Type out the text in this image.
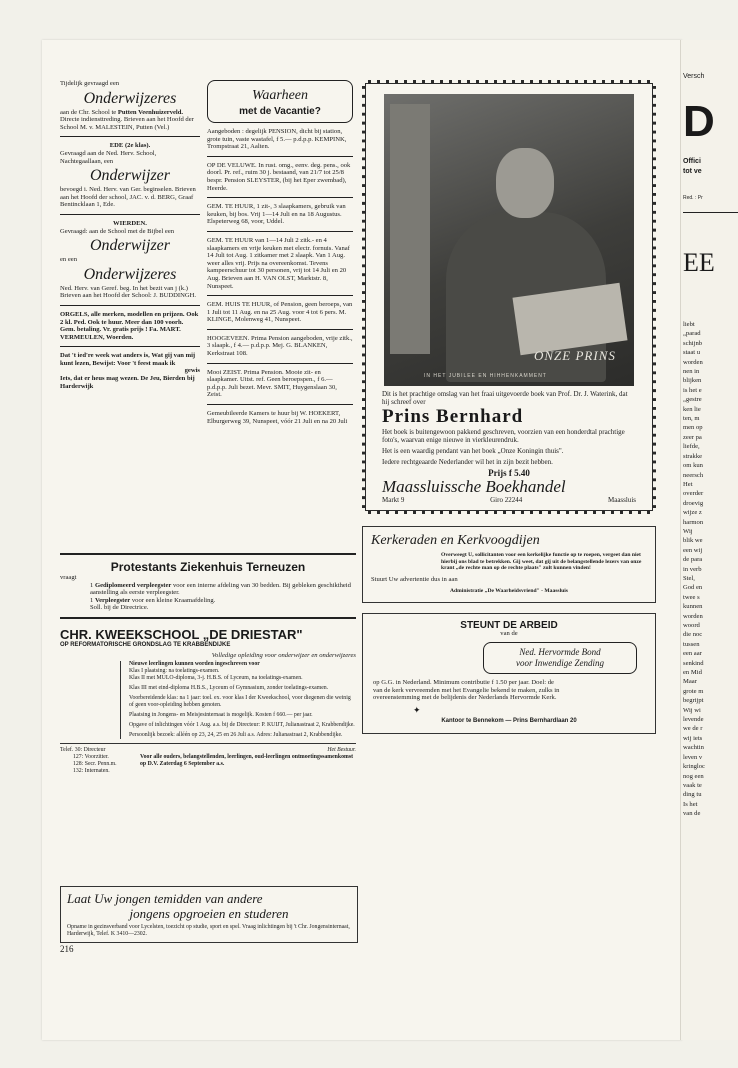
Tijdelijk gevraagd een
Onderwijzeres
aan de Chr. School te Putten Veenhuizerveld. Directe indiensttreding. Brieven aan het Hoofd der School M. v. MALESTEIN, Putten (Vel.)
EDE (2e klas).
Gevraagd aan de Ned. Herv. School, Nachtegaallaan, een
Onderwijzer
bevoegd i. Ned. Herv. van Ger. beginselen. Brieven aan het Hoofd der school, JAC. v. d. BERG, Graaf Bentincklaan 1, Ede.
WIERDEN.
Gevraagd: aan de School met de Bijbel een
Onderwijzer
en een
Onderwijzeres
Ned. Herv. van Geref. beg. In het bezit van j (k.) Brieven aan het Hoofd der School: J. BUDDINGH.
ORGELS, alle merken, modellen en prijzen. Ook 2 kl. Ped. Ook te huur. Meer dan 100 voorh. Gem. betaling. Vr. gratis prijs ! Fa. MART. VERMEULEN, Woerden.
Dat 't ied're week wat anders is, Wat gij van mij kunt lezen, Bewijst: Voor 't feest maak ik
gewis
Iets, dat er heus mag wezen. De Jeu, Bierden bij Harderwijk
Waarheen
met de Vacantie?
Aangeboden : degelijk PENSION, dicht bij station, grote tuin, vaste wastafel, f 5.— p.d.p.p. KEMPINK, Trompstraat 21, Aalten.
OP DE VELUWE. In rust. omg., eenv. deg. pens., ook doorl. Pr. ref., ruim 30 j. bestaand, van 21/7 tot 25/8 bespr. Pension SLEYSTER, (bij het Eper zwembad), Heerde.
GEM. TE HUUR, 1 zit-, 3 slaapkamers, gebruik van keuken, bij bos. Vrij 1—14 Juli en na 18 Augustus. Elspeterweg 68, voor, Uddel.
GEM. TE HUUR van 1—14 Juli 2 zitk.- en 4 slaapkamers en vrije keuken met electr. fornuis. Vanaf 14 Juli tot Aug. 1 zitkamer met 2 slaapk. Van 1 Aug. weer alles vrij. Prijs na overeenkomst. Tevens kampeerschuur tot 30 personen, vrij tot 14 Juli en 20 Aug. Brieven aan H. VAN OLST, Marktstr. 8, Nunspeet.
GEM. HUIS TE HUUR, of Pension, geen beroeps, van 1 Juli tot 11 Aug. en na 25 Aug. voor 4 tot 6 pers. M. KLINGE, Molenweg 41, Nunspeet.
HOOGEVEEN. Prima Pension aangeboden, vrije zitk., 3 slaapk., f 4.— p.d.p.p. Mej. G. BLANKEN, Kerkstraat 108.
Mooi ZEIST. Prima Pension. Mooie zit- en slaapkamer. Uitst. ref. Geen beroepspen., f 6.— p.d.p.p. Juli bezet. Mevr. SMIT, Huygenslaan 30, Zeist.
Gemeubileerde Kamers te huur bij W. HOEKERT, Elburgerweg 39, Nunspeet, vóór 21 Juli en na 20 Juli
ONZE PRINS
IN HET JUBILEE EN HIHHENKAMMENT
Dit is het prachtige omslag van het fraai uitgevoerde boek van Prof. Dr. J. Waterink, dat hij schreef over
Prins Bernhard
Het boek is buitengewoon pakkend geschreven, voorzien van een honderdtal prachtige foto's, waarvan enige nieuwe in vierkleurendruk.
Het is een waardig pendant van het boek „Onze Koningin thuis".
Iedere rechtgeaarde Nederlander wil het in zijn bezit hebben.
Prijs f 5.40
Maassluissche Boekhandel
Markt 9	Giro 22244	Maassluis
Kerkeraden en Kerkvoogdijen
Overweegt U, sollicitanten voor een kerkelijke functie op te roepen, vergeet dan niet hierbij ons blad te betrekken. Gij weet, dat gij uit de belangstellende lezers van onze krant „de rechte man op de rechte plaats" zult kunnen vinden!
Stuurt Uw advertentie dus in aan
Administratie „De Waarheidsvriend" - Maassluis
STEUNT DE ARBEID
van de
Ned. Hervormde Bond
voor Inwendige Zending
op G.G. in Nederland. Minimum contributie f 1.50 per jaar. Doel: de van de kerk vervreemden met het Evangelie bekend te maken, zulks in overeenstemming met de belijdenis der Nederlands Hervormde Kerk.
✦
Kantoor te Bennekom — Prins Bernhardlaan 20
Protestants Ziekenhuis Terneuzen
vraagt
1 Gediplomeerd verpleegster voor een interne afdeling van 30 bedden. Bij gebleken geschiktheid aanstelling als eerste verpleegster.
1 Verpleegster voor een kleine Kraamafdeling.
Soll. bij de Directrice.
CHR. KWEEKSCHOOL „DE DRIESTAR"
OP REFORMATORISCHE GRONDSLAG TE KRABBENDIJKE
Volledige opleiding voor onderwijzer en onderwijzeres
Nieuwe leerlingen kunnen worden ingeschreven voor
Klas I plaatsing: na toelatings-examen.
Klas II met MULO-diploma, 3-j. H.B.S. of Lyceum, na toelatings-examen.
Klas III met eind-diploma H.B.S., Lyceum of Gymnasium, zonder toelatings-examen.
Voorbereidende klas: na 1 jaar: toel. ex. voor klas I der Kweekschool, voor diegenen die weinig of geen voor-opleiding hebben genoten.
Plaatsing in Jongens- en Meisjesinternaat is mogelijk. Kosten f 660.— per jaar.
Opgave of inlichtingen vóór 1 Aug. a.s. bij de Directeur: P. KUIJT, Julianastraat 2, Krabbendijke.
Persoonlijk bezoek: alléén op 23, 24, 25 en 26 Juli a.s. Adres: Julianastraat 2, Krabbendijke.
Telef. 30: Directeur
127: Voorzitter.
128: Secr. Penn.m.
132: Internaten.
Het Bestuur.
Voor alle ouders, belangstellenden, leerlingen, oud-leerlingen ontmoetingssamenkomst op D.V. Zaterdag 6 September a.s.
Laat Uw jongen temidden van andere
jongens opgroeien en studeren
Opname in gezinsverband voor Lycelsten, toezicht op studie, sport en spel. Vraag inlichtingen bij 't Chr. Jongensinternaat, Harderwijk, Telef. K 3410—2302.
216
Versch
D
Offici
tot ve
Red. : Pr
EE
liebt
„parad
schijnb
staat u
worden
nen in
blijken
is het e
„gestre
ken lie
ten, m
men op
zeer pa
liefde,
strakke
om kun
neersch
Het
overder
droevig
wijze z
harmon
Wij
blik we
een wij
de para
in verb
Stel,
God en
twee s
kunnen
worden
woord
die noc
tussen
een aar
senkind
en Mid
Maar
grote m
begrijpt
Wij wi
levende
we de r
wij iets
wachtin
leven v
kringloc
nog een
vaak te
ding tu
Is het
van de
